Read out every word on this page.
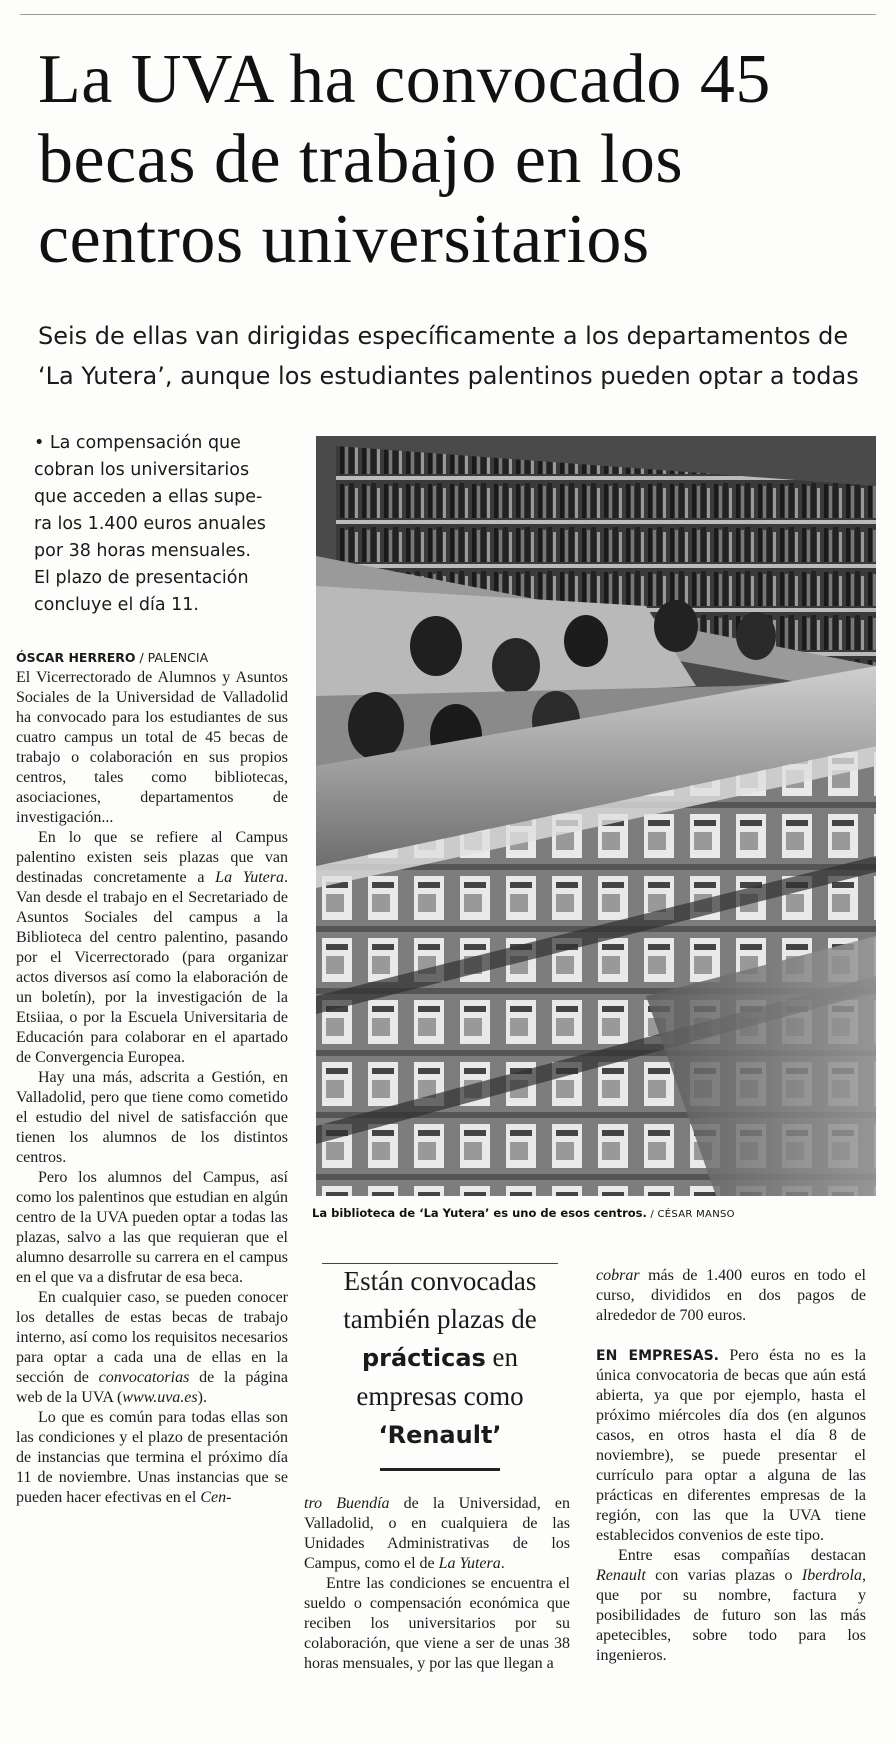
La UVA ha convocado 45
becas de trabajo en los
centros universitarios
Seis de ellas van dirigidas específicamente a los departamentos de
‘La Yutera’, aunque los estudiantes palentinos pueden optar a todas
• La compensación que
cobran los universitarios
que acceden a ellas supe-
ra los 1.400 euros anuales
por 38 horas mensuales.
El plazo de presentación
concluye el día 11.

ÓSCAR HERRERO / PALENCIA

El Vicerrectorado de Alumnos y Asuntos Sociales de la Universidad de Valladolid ha convocado para los estudiantes de sus cuatro campus un total de 45 becas de trabajo o colaboración en sus propios centros, tales como bibliotecas, asociaciones, departamentos de investigación...

En lo que se refiere al Campus palentino existen seis plazas que van destinadas concretamente a La Yutera. Van desde el trabajo en el Secretariado de Asuntos Sociales del campus a la Biblioteca del centro palentino, pasando por el Vicerrectorado (para organizar actos diversos así como la elaboración de un boletín), por la investigación de la Etsiiaa, o por la Escuela Universitaria de Educación para colaborar en el apartado de Convergencia Europea.

Hay una más, adscrita a Gestión, en Valladolid, pero que tiene como cometido el estudio del nivel de satisfacción que tienen los alumnos de los distintos centros.

Pero los alumnos del Campus, así como los palentinos que estudian en algún centro de la UVA pueden optar a todas las plazas, salvo a las que requieran que el alumno desarrolle su carrera en el campus en el que va a disfrutar de esa beca.

En cualquier caso, se pueden conocer los detalles de estas becas de trabajo interno, así como los requisitos necesarios para optar a cada una de ellas en la sección de convocatorias de la página web de la UVA (www.uva.es).

Lo que es común para todas ellas son las condiciones y el plazo de presentación de instancias que termina el próximo día 11 de noviembre. Unas instancias que se pueden hacer efectivas en el Cen-

La biblioteca de ‘La Yutera’ es uno de esos centros. / CÉSAR MANSO
Están convocadas
también plazas de
prácticas en
empresas como
‘Renault’

tro Buendía de la Universidad, en Valladolid, o en cualquiera de las Unidades Administrativas de los Campus, como el de La Yutera.

Entre las condiciones se encuentra el sueldo o compensación económica que reciben los universitarios por su colaboración, que viene a ser de unas 38 horas mensuales, y por las que llegan a

cobrar más de 1.400 euros en todo el curso, divididos en dos pagos de alrededor de 700 euros.

EN EMPRESAS. Pero ésta no es la única convocatoria de becas que aún está abierta, ya que por ejemplo, hasta el próximo miércoles día dos (en algunos casos, en otros hasta el día 8 de noviembre), se puede presentar el currículo para optar a alguna de las prácticas en diferentes empresas de la región, con las que la UVA tiene establecidos convenios de este tipo.

Entre esas compañías destacan Renault con varias plazas o Iberdrola, que por su nombre, factura y posibilidades de futuro son las más apetecibles, sobre todo para los ingenieros.
